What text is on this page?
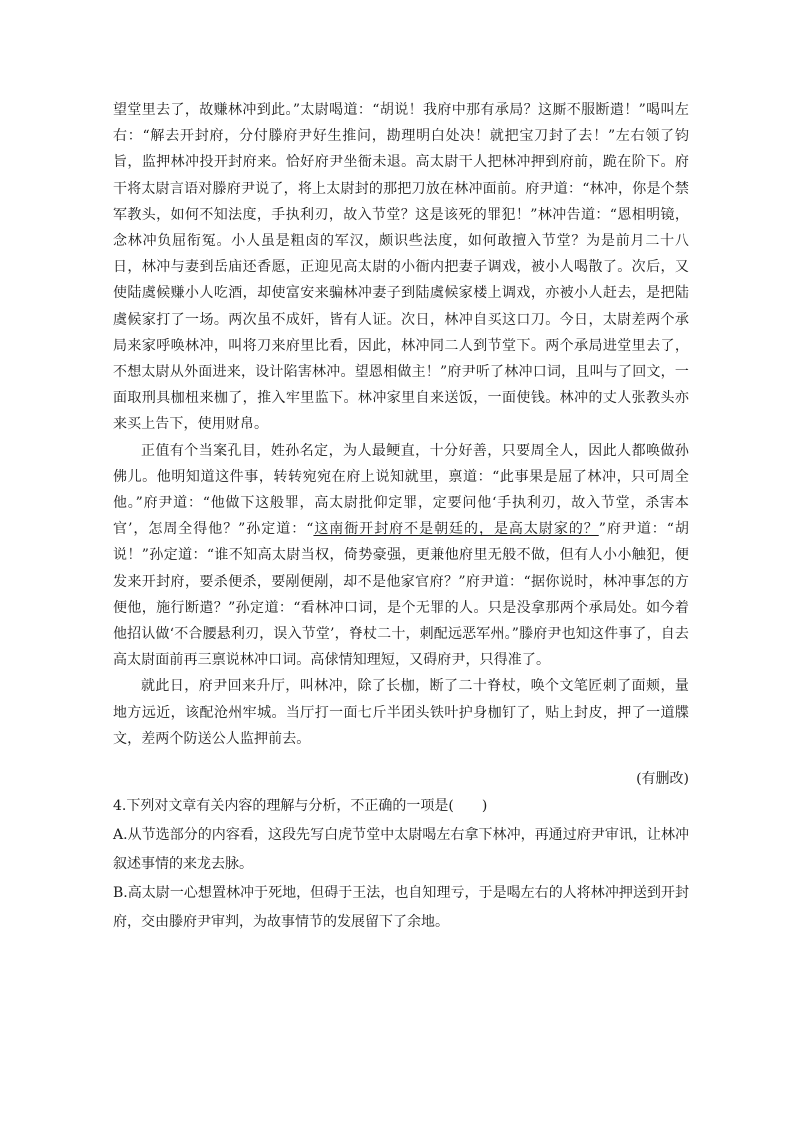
望堂里去了，故赚林冲到此。”太尉喝道：“胡说！我府中那有承局？这厮不服断遣！”喝叫左右：“解去开封府，分付滕府尹好生推问，勘理明白处决！就把宝刀封了去！”左右领了钧旨，监押林冲投开封府来。恰好府尹坐衙未退。高太尉干人把林冲押到府前，跪在阶下。府干将太尉言语对滕府尹说了，将上太尉封的那把刀放在林冲面前。府尹道：“林冲，你是个禁军教头，如何不知法度，手执利刃，故入节堂？这是该死的罪犯！”林冲告道：“恩相明镜，念林冲负屈衔冤。小人虽是粗卤的军汉，颇识些法度，如何敢擅入节堂？为是前月二十八日，林冲与妻到岳庙还香愿，正迎见高太尉的小衙内把妻子调戏，被小人喝散了。次后，又使陆虞候赚小人吃酒，却使富安来骗林冲妻子到陆虞候家楼上调戏，亦被小人赶去，是把陆虞候家打了一场。两次虽不成奸，皆有人证。次日，林冲自买这口刀。今日，太尉差两个承局来家呼唤林冲，叫将刀来府里比看，因此，林冲同二人到节堂下。两个承局进堂里去了，不想太尉从外面进来，设计陷害林冲。望恩相做主！”府尹听了林冲口词，且叫与了回文，一面取刑具枷杻来枷了，推入牢里监下。林冲家里自来送饭，一面使钱。林冲的丈人张教头亦来买上告下，使用财帛。

正值有个当案孔目，姓孙名定，为人最鲠直，十分好善，只要周全人，因此人都唤做孙佛儿。他明知道这件事，转转宛宛在府上说知就里，禀道：“此事果是屈了林冲，只可周全他。”府尹道：“他做下这般罪，高太尉批仰定罪，定要问他‘手执利刃，故入节堂，杀害本官’，怎周全得他？”孙定道：“这南衙开封府不是朝廷的，是高太尉家的？”府尹道：“胡说！”孙定道：“谁不知高太尉当权，倚势豪强，更兼他府里无般不做，但有人小小触犯，便发来开封府，要杀便杀，要剐便剐，却不是他家官府？”府尹道：“据你说时，林冲事怎的方便他，施行断遣？”孙定道：“看林冲口词，是个无罪的人。只是没拿那两个承局处。如今着他招认做‘不合腰悬利刃，误入节堂’，脊杖二十，刺配远恶军州。”滕府尹也知这件事了，自去高太尉面前再三禀说林冲口词。高俅情知理短，又碍府尹，只得准了。

就此日，府尹回来升厅，叫林冲，除了长枷，断了二十脊杖，唤个文笔匠刺了面颊，量地方远近，该配沧州牢城。当厅打一面七斤半团头铁叶护身枷钉了，贴上封皮，押了一道牒文，差两个防送公人监押前去。

(有删改)

4.下列对文章有关内容的理解与分析，不正确的一项是(　　)

A.从节选部分的内容看，这段先写白虎节堂中太尉喝左右拿下林冲，再通过府尹审讯，让林冲叙述事情的来龙去脉。

B.高太尉一心想置林冲于死地，但碍于王法，也自知理亏，于是喝左右的人将林冲押送到开封府，交由滕府尹审判，为故事情节的发展留下了余地。
